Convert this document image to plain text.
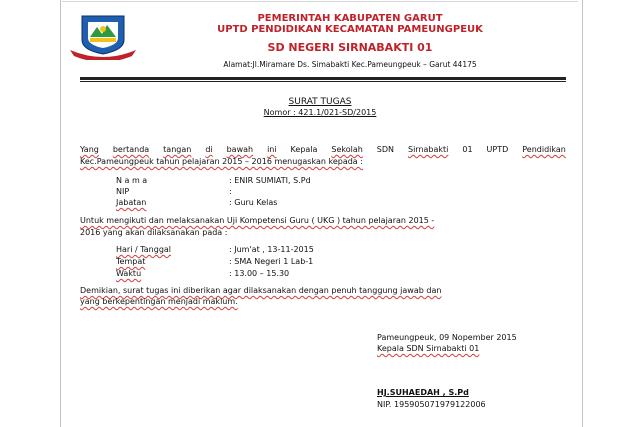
PEMERINTAH KABUPATEN GARUT
UPTD PENDIDIKAN KECAMATAN PAMEUNGPEUK
SD NEGERI SIRNABAKTI 01
Alamat:Jl.Miramare Ds. Simabakti Kec.Pameungpeuk – Garut 44175
SURAT TUGAS
Nomor : 421.1/021-SD/2015
Yang bertanda tangan di bawah ini Kepala Sekolah SDN Sirnabakti 01 UPTD Pendidikan
Kec.Pameungpeuk tahun pelajaran 2015 – 2016 menugaskan kepada :
N a m a	: ENIR SUMIATI, S.Pd
NIP	:
Jabatan	: Guru Kelas
Untuk mengikuti dan melaksanakan Uji Kompetensi Guru ( UKG ) tahun pelajaran 2015 -
2016 yang akan dilaksanakan pada :
Hari / Tanggal	: Jum'at , 13-11-2015
Tempat	: SMA Negeri 1 Lab-1
Waktu	: 13.00 – 15.30
Demikian, surat tugas ini diberikan agar dilaksanakan dengan penuh tanggung jawab dan
yang berkepentingan menjadi maklum.
Pameungpeuk, 09 Nopember 2015
Kepala SDN Sirnabakti 01
HJ.SUHAEDAH , S.Pd
NIP. 195905071979122006
